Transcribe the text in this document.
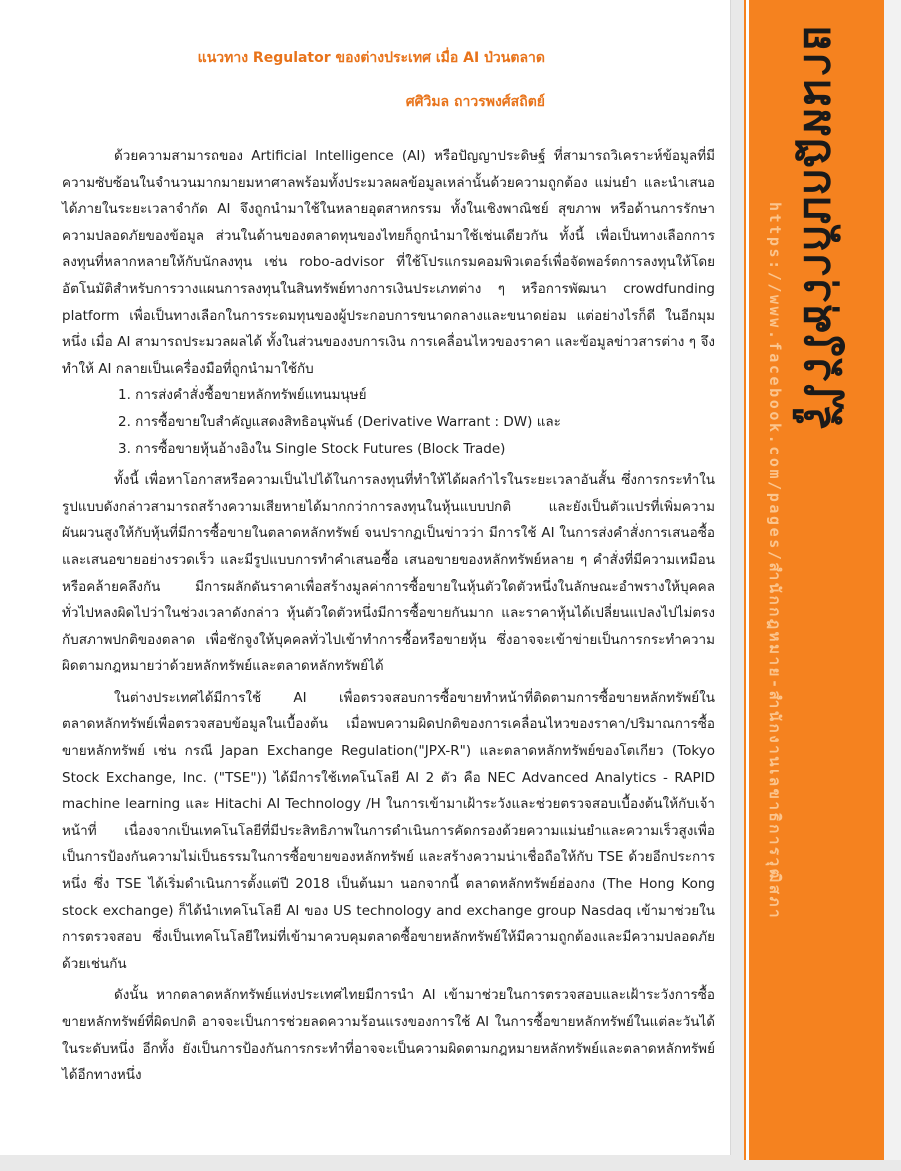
แนวทาง Regulator ของต่างประเทศ เมื่อ AI ป่วนตลาด
ศศิวิมล ถาวรพงศ์สถิตย์

ด้วยความสามารถของ Artificial Intelligence (AI) หรือปัญญาประดิษฐ์ ที่สามารถวิเคราะห์ข้อมูลที่มีความซับซ้อนในจำนวนมากมายมหาศาลพร้อมทั้งประมวลผลข้อมูลเหล่านั้นด้วยความถูกต้อง แม่นยำ และนำเสนอได้ภายในระยะเวลาจำกัด AI จึงถูกนำมาใช้ในหลายอุตสาหกรรม ทั้งในเชิงพาณิชย์ สุขภาพ หรือด้านการรักษาความปลอดภัยของข้อมูล ส่วนในด้านของตลาดทุนของไทยก็ถูกนำมาใช้เช่นเดียวกัน ทั้งนี้ เพื่อเป็นทางเลือกการลงทุนที่หลากหลายให้กับนักลงทุน เช่น robo-advisor ที่ใช้โปรแกรมคอมพิวเตอร์เพื่อจัดพอร์ตการลงทุนให้โดยอัตโนมัติสำหรับการวางแผนการลงทุนในสินทรัพย์ทางการเงินประเภทต่าง ๆ หรือการพัฒนา crowdfunding platform เพื่อเป็นทางเลือกในการระดมทุนของผู้ประกอบการขนาดกลางและขนาดย่อม แต่อย่างไรก็ดี ในอีกมุมหนึ่ง เมื่อ AI สามารถประมวลผลได้ ทั้งในส่วนของงบการเงิน การเคลื่อนไหวของราคา และข้อมูลข่าวสารต่าง ๆ จึงทำให้ AI กลายเป็นเครื่องมือที่ถูกนำมาใช้กับ

1. การส่งคำสั่งซื้อขายหลักทรัพย์แทนมนุษย์
2. การซื้อขายใบสำคัญแสดงสิทธิอนุพันธ์ (Derivative Warrant : DW) และ
3. การซื้อขายหุ้นอ้างอิงใน Single Stock Futures (Block Trade)

ทั้งนี้ เพื่อหาโอกาสหรือความเป็นไปได้ในการลงทุนที่ทำให้ได้ผลกำไรในระยะเวลาอันสั้น ซึ่งการกระทำในรูปแบบดังกล่าวสามารถสร้างความเสียหายได้มากกว่าการลงทุนในหุ้นแบบปกติ และยังเป็นตัวแปรที่เพิ่มความผันผวนสูงให้กับหุ้นที่มีการซื้อขายในตลาดหลักทรัพย์ จนปรากฏเป็นข่าวว่า มีการใช้ AI ในการส่งคำสั่งการเสนอซื้อและเสนอขายอย่างรวดเร็ว และมีรูปแบบการทำคำเสนอซื้อ เสนอขายของหลักทรัพย์หลาย ๆ คำสั่งที่มีความเหมือนหรือคล้ายคลึงกัน มีการผลักดันราคาเพื่อสร้างมูลค่าการซื้อขายในหุ้นตัวใดตัวหนึ่งในลักษณะอำพรางให้บุคคลทั่วไปหลงผิดไปว่าในช่วงเวลาดังกล่าว หุ้นตัวใดตัวหนึ่งมีการซื้อขายกันมาก และราคาหุ้นได้เปลี่ยนแปลงไปไม่ตรงกับสภาพปกติของตลาด เพื่อชักจูงให้บุคคลทั่วไปเข้าทำการซื้อหรือขายหุ้น ซึ่งอาจจะเข้าข่ายเป็นการกระทำความผิดตามกฎหมายว่าด้วยหลักทรัพย์และตลาดหลักทรัพย์ได้

ในต่างประเทศได้มีการใช้ AI เพื่อตรวจสอบการซื้อขายทำหน้าที่ติดตามการซื้อขายหลักทรัพย์ในตลาดหลักทรัพย์เพื่อตรวจสอบข้อมูลในเบื้องต้น เมื่อพบความผิดปกติของการเคลื่อนไหวของราคา/ปริมาณการซื้อขายหลักทรัพย์ เช่น กรณี Japan Exchange Regulation("JPX-R") และตลาดหลักทรัพย์ของโตเกียว (Tokyo Stock Exchange, Inc. ("TSE")) ได้มีการใช้เทคโนโลยี AI 2 ตัว คือ NEC Advanced Analytics - RAPID machine learning และ Hitachi AI Technology /H ในการเข้ามาเฝ้าระวังและช่วยตรวจสอบเบื้องต้นให้กับเจ้าหน้าที่ เนื่องจากเป็นเทคโนโลยีที่มีประสิทธิภาพในการดำเนินการคัดกรองด้วยความแม่นยำและความเร็วสูงเพื่อเป็นการป้องกันความไม่เป็นธรรมในการซื้อขายของหลักทรัพย์ และสร้างความน่าเชื่อถือให้กับ TSE ด้วยอีกประการหนึ่ง ซึ่ง TSE ได้เริ่มดำเนินการตั้งแต่ปี 2018 เป็นต้นมา นอกจากนี้ ตลาดหลักทรัพย์ฮ่องกง (The Hong Kong stock exchange) ก็ได้นำเทคโนโลยี AI ของ US technology and exchange group Nasdaq เข้ามาช่วยในการตรวจสอบ ซึ่งเป็นเทคโนโลยีใหม่ที่เข้ามาควบคุมตลาดซื้อขายหลักทรัพย์ให้มีความถูกต้องและมีความปลอดภัยด้วยเช่นกัน

ดังนั้น หากตลาดหลักทรัพย์แห่งประเทศไทยมีการนำ AI เข้ามาช่วยในการตรวจสอบและเฝ้าระวังการซื้อขายหลักทรัพย์ที่ผิดปกติ อาจจะเป็นการช่วยลดความร้อนแรงของการใช้ AI ในการซื้อขายหลักทรัพย์ในแต่ละวันได้ในระดับหนึ่ง อีกทั้ง ยังเป็นการป้องกันการกระทำที่อาจจะเป็นความผิดตามกฎหมายหลักทรัพย์และตลาดหลักทรัพย์ได้อีกทางหนึ่ง

https://www.facebook.com/pages/สำนักกฎหมาย-สำนักงานเลขาธิการวุฒิสภา รู้ไว้ใช่ว่ากับกฎหมาย
